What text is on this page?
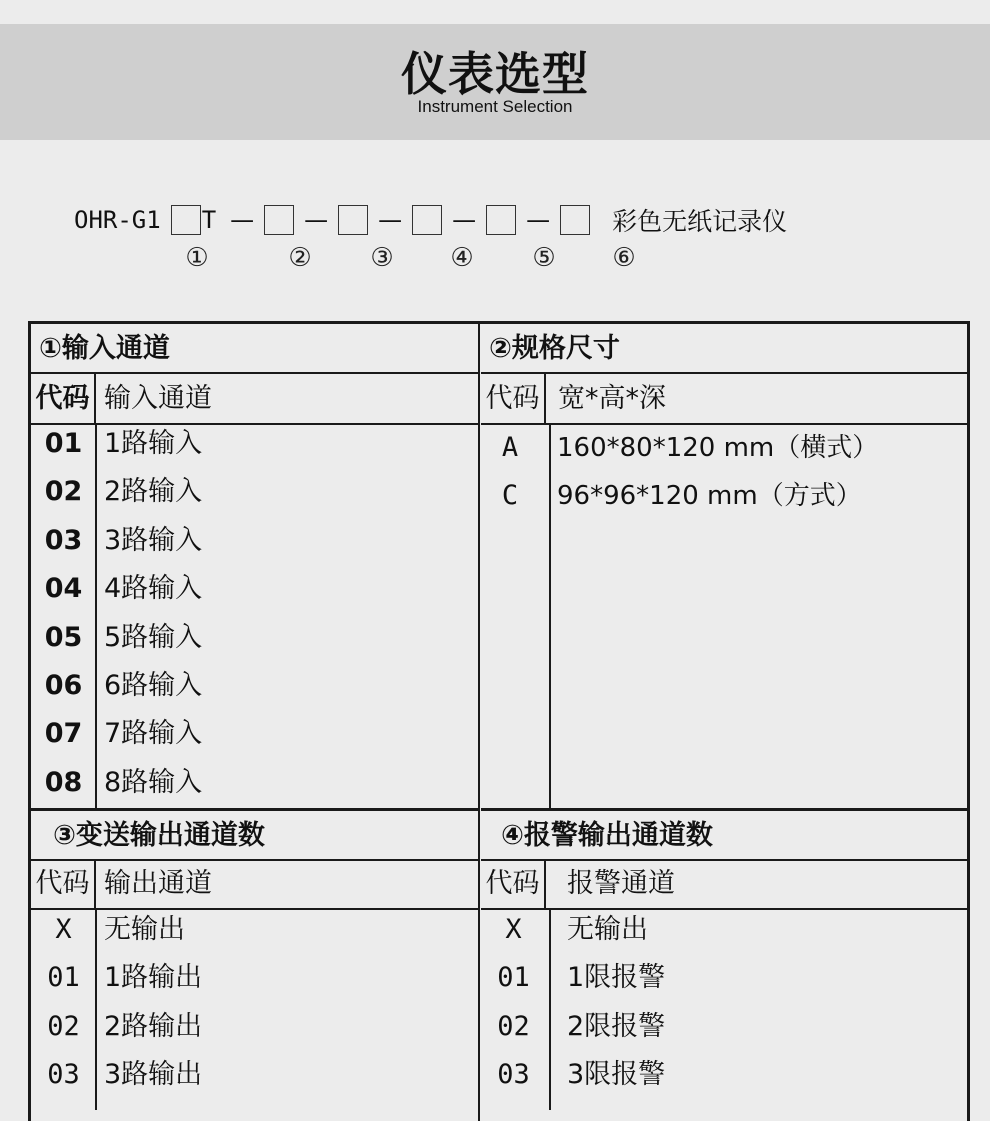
仪表选型
Instrument Selection
OHR-G1 T — — — — — 彩色无纸记录仪
①	② ③ ④ ⑤ ⑥
①输入通道
代码 输入通道
01 1路输入
02 2路输入
03 3路输入
04 4路输入
05 5路输入
06 6路输入
07 7路输入
08 8路输入
③变送输出通道数
代码 输出通道
X	无输出
01 1路输出
02 2路输出
03 3路输出
②规格尺寸
代码 宽*高*深
A	160*80*120 mm（横式）
C	96*96*120 mm（方式）
④报警输出通道数
代码 报警通道
X	无输出
01	1限报警
02	2限报警
03	3限报警
